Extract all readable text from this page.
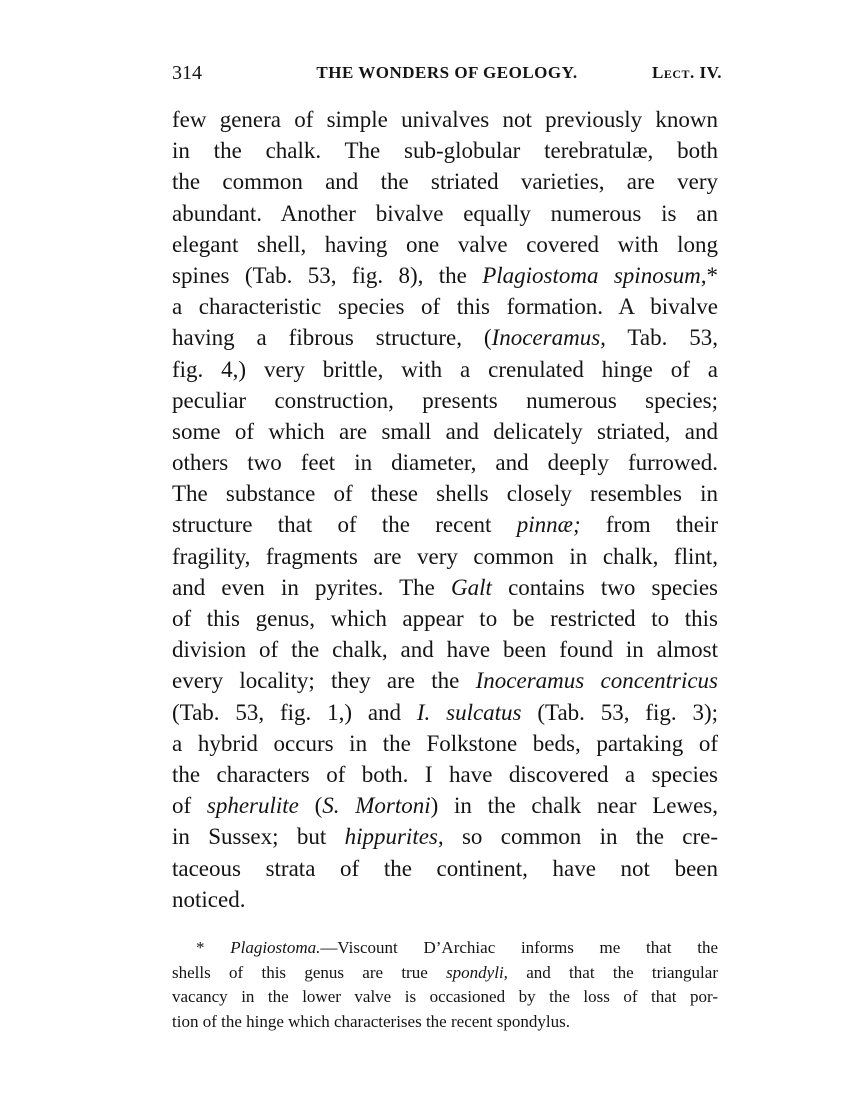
314	THE WONDERS OF GEOLOGY.	Lect. IV.
few genera of simple univalves not previously known
in the chalk. The sub-globular terebratulæ, both
the common and the striated varieties, are very
abundant. Another bivalve equally numerous is an
elegant shell, having one valve covered with long
spines (Tab. 53, fig. 8), the Plagiostoma spinosum,*
a characteristic species of this formation. A bivalve
having a fibrous structure, (Inoceramus, Tab. 53,
fig. 4,) very brittle, with a crenulated hinge of a
peculiar construction, presents numerous species;
some of which are small and delicately striated, and
others two feet in diameter, and deeply furrowed.
The substance of these shells closely resembles in
structure that of the recent pinnæ; from their
fragility, fragments are very common in chalk, flint,
and even in pyrites. The Galt contains two species
of this genus, which appear to be restricted to this
division of the chalk, and have been found in almost
every locality; they are the Inoceramus concentricus
(Tab. 53, fig. 1,) and I. sulcatus (Tab. 53, fig. 3);
a hybrid occurs in the Folkstone beds, partaking of
the characters of both. I have discovered a species
of spherulite (S. Mortoni) in the chalk near Lewes,
in Sussex; but hippurites, so common in the cre-
taceous strata of the continent, have not been
noticed.
* Plagiostoma.—Viscount D’Archiac informs me that the
shells of this genus are true spondyli, and that the triangular
vacancy in the lower valve is occasioned by the loss of that por-
tion of the hinge which characterises the recent spondylus.
